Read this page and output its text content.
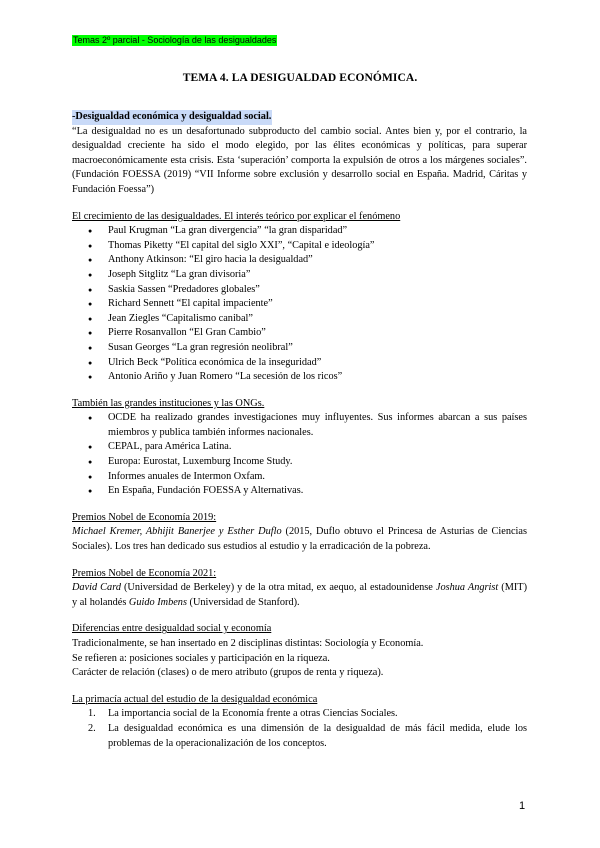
Temas 2º parcial - Sociología de las desigualdades
TEMA 4. LA DESIGUALDAD ECONÓMICA.

-Desigualdad económica y desigualdad social.

“La desigualdad no es un desafortunado subproducto del cambio social. Antes bien y, por el contrario, la desigualdad creciente ha sido el modo elegido, por las élites económicas y políticas, para superar macroeconómicamente esta crisis. Esta ‘superación’ comporta la expulsión de otros a los márgenes sociales”. (Fundación FOESSA (2019) “VII Informe sobre exclusión y desarrollo social en España. Madrid, Cáritas y Fundación Foessa”)

El crecimiento de las desigualdades. El interés teórico por explicar el fenómeno

● Paul Krugman “La gran divergencia” “la gran disparidad”
● Thomas Piketty “El capital del siglo XXI”, “Capital e ideología”
● Anthony Atkinson: “El giro hacia la desigualdad”
● Joseph Sitglitz “La gran divisoria”
● Saskia Sassen “Predadores globales”
● Richard Sennett “El capital impaciente”
● Jean Ziegles “Capitalismo canibal”
● Pierre Rosanvallon “El Gran Cambio”
● Susan Georges “La gran regresión neolibral”
● Ulrich Beck “Política económica de la inseguridad”
● Antonio Ariño y Juan Romero “La secesión de los ricos”

También las grandes instituciones y las ONGs.

● OCDE ha realizado grandes investigaciones muy influyentes. Sus informes abarcan a sus países miembros y publica también informes nacionales.
● CEPAL, para América Latina.
● Europa: Eurostat, Luxemburg Income Study.
● Informes anuales de Intermon Oxfam.
● En España, Fundación FOESSA y Alternativas.

Premios Nobel de Economía 2019:

Michael Kremer, Abhijit Banerjee y Esther Duflo (2015, Duflo obtuvo el Princesa de Asturias de Ciencias Sociales). Los tres han dedicado sus estudios al estudio y la erradicación de la pobreza.

Premios Nobel de Economía 2021:

David Card (Universidad de Berkeley) y de la otra mitad, ex aequo, al estadounidense Joshua Angrist (MIT) y al holandés Guido Imbens (Universidad de Stanford).

Diferencias entre desigualdad social y economía

Tradicionalmente, se han insertado en 2 disciplinas distintas: Sociología y Economía.

Se refieren a: posiciones sociales y participación en la riqueza.

Carácter de relación (clases) o de mero atributo (grupos de renta y riqueza).

La primacía actual del estudio de la desigualdad económica

1. La importancia social de la Economía frente a otras Ciencias Sociales.
2. La desigualdad económica es una dimensión de la desigualdad de más fácil medida, elude los problemas de la operacionalización de los conceptos.
1
